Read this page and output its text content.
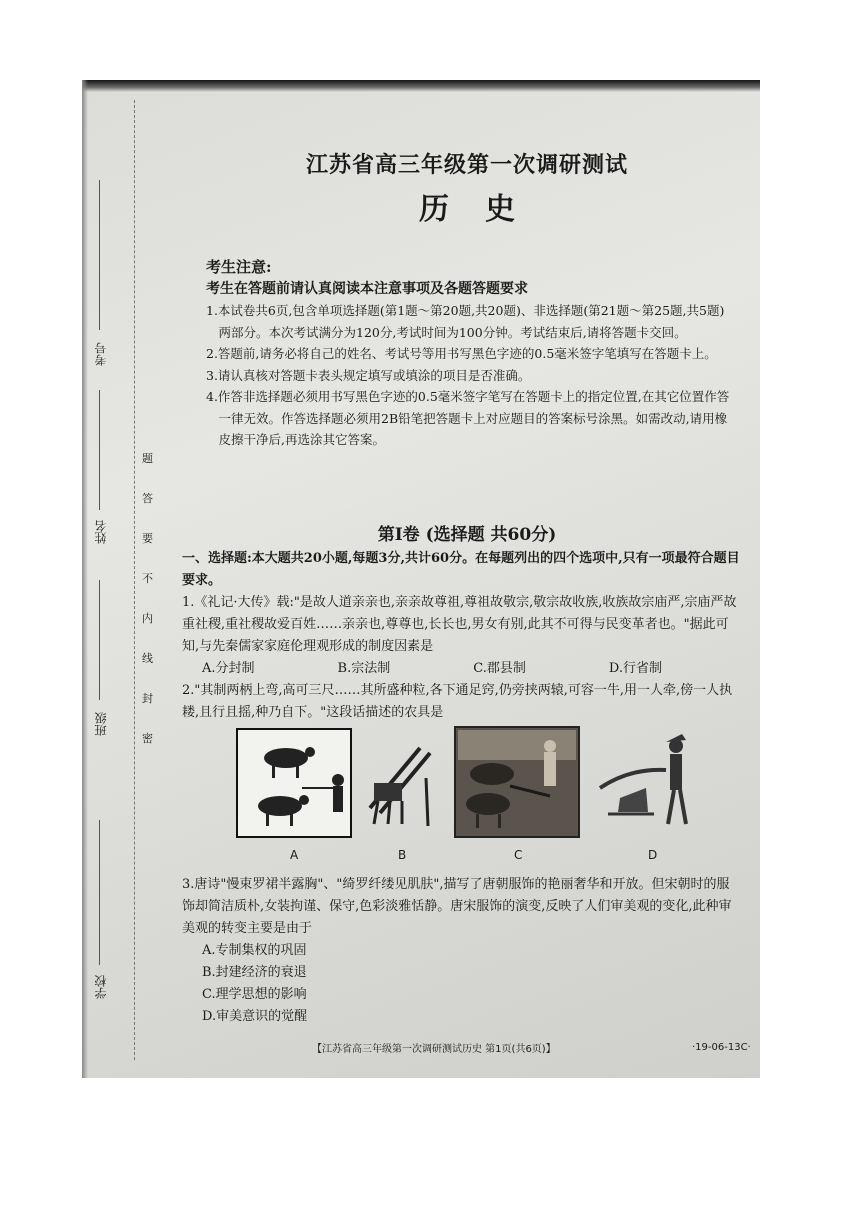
考号
姓名
班级
学校
题
答
要
不
内
线
封
密
江苏省高三年级第一次调研测试
历史
考生注意:
考生在答题前请认真阅读本注意事项及各题答题要求

1.本试卷共6页,包含单项选择题(第1题～第20题,共20题)、非选择题(第21题～第25题,共5题)两部分。本次考试满分为120分,考试时间为100分钟。考试结束后,请将答题卡交回。

2.答题前,请务必将自己的姓名、考试号等用书写黑色字迹的0.5毫米签字笔填写在答题卡上。

3.请认真核对答题卡表头规定填写或填涂的项目是否准确。

4.作答非选择题必须用书写黑色字迹的0.5毫米签字笔写在答题卡上的指定位置,在其它位置作答一律无效。作答选择题必须用2B铅笔把答题卡上对应题目的答案标号涂黑。如需改动,请用橡皮擦干净后,再选涂其它答案。

第Ⅰ卷 (选择题 共60分)
一、选择题:本大题共20小题,每题3分,共计60分。在每题列出的四个选项中,只有一项最符合题目要求。

1.《礼记·大传》载:"是故人道亲亲也,亲亲故尊祖,尊祖故敬宗,敬宗故收族,收族故宗庙严,宗庙严故重社稷,重社稷故爱百姓……亲亲也,尊尊也,长长也,男女有别,此其不可得与民变革者也。"据此可知,与先秦儒家家庭伦理观形成的制度因素是

A.分封制	B.宗法制	C.郡县制	D.行省制

2."其制两柄上弯,高可三尺……其所盛种粒,各下通足窍,仍旁挟两辕,可容一牛,用一人牵,傍一人执耧,且行且摇,种乃自下。"这段话描述的农具是

A	B	C	D

3.唐诗"慢束罗裙半露胸"、"绮罗纤缕见肌肤",描写了唐朝服饰的艳丽奢华和开放。但宋朝时的服饰却简洁质朴,女装拘谨、保守,色彩淡雅恬静。唐宋服饰的演变,反映了人们审美观的变化,此种审美观的转变主要是由于

A.专制集权的巩固

B.封建经济的衰退

C.理学思想的影响

D.审美意识的觉醒

【江苏省高三年级第一次调研测试历史 第1页(共6页)】	·19-06-13C·
